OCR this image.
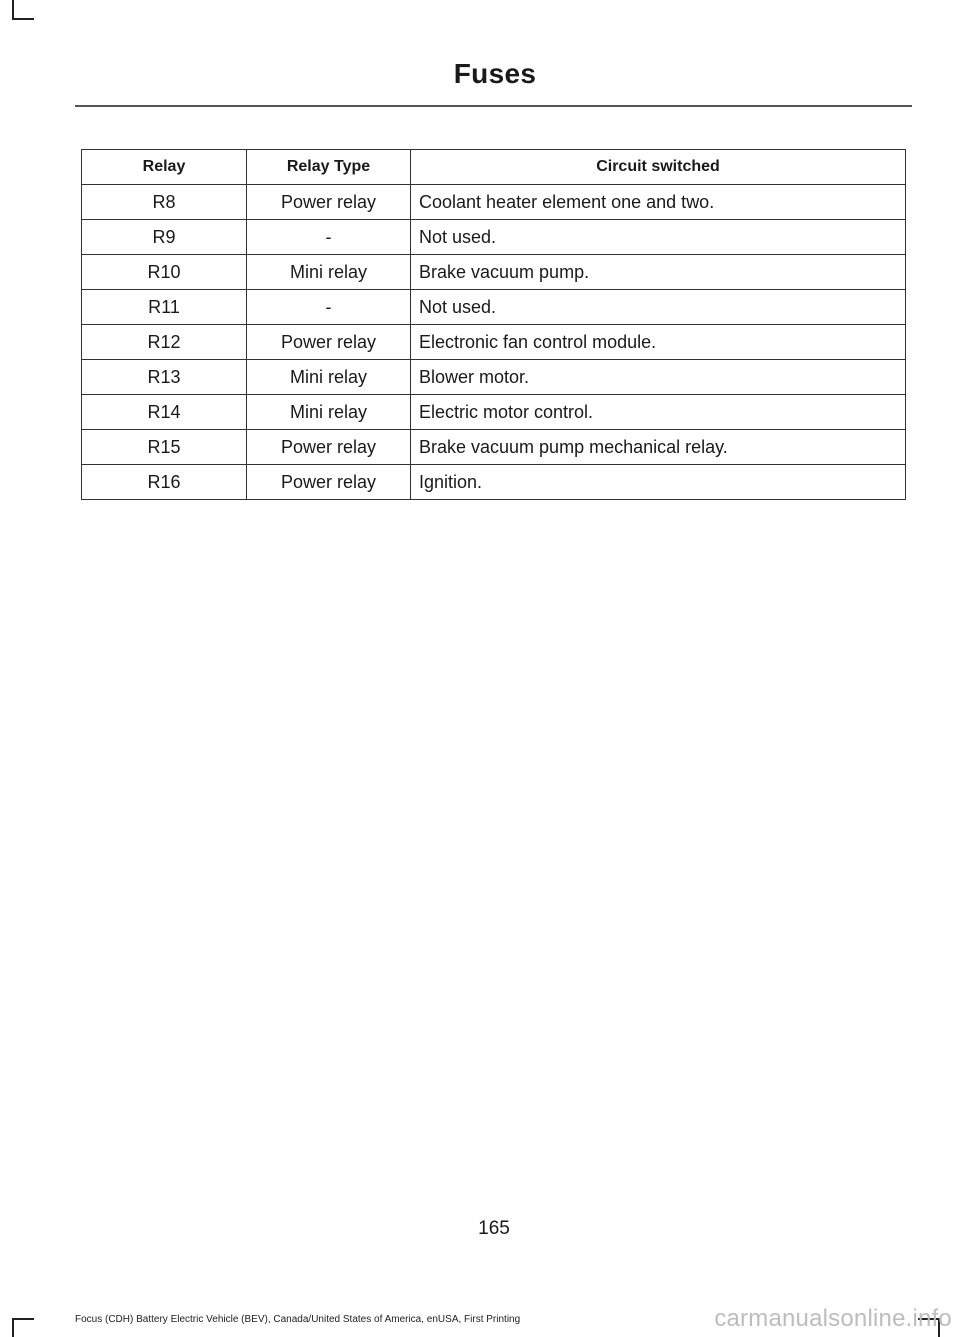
Fuses
Relay	Relay Type	Circuit switched
R8	Power relay	Coolant heater element one and two.
R9	-	Not used.
R10	Mini relay	Brake vacuum pump.
R11	-	Not used.
R12	Power relay	Electronic fan control module.
R13	Mini relay	Blower motor.
R14	Mini relay	Electric motor control.
R15	Power relay	Brake vacuum pump mechanical relay.
R16	Power relay	Ignition.
165
Focus (CDH) Battery Electric Vehicle (BEV), Canada/United States of America, enUSA, First Printing	carmanualsonline.info
